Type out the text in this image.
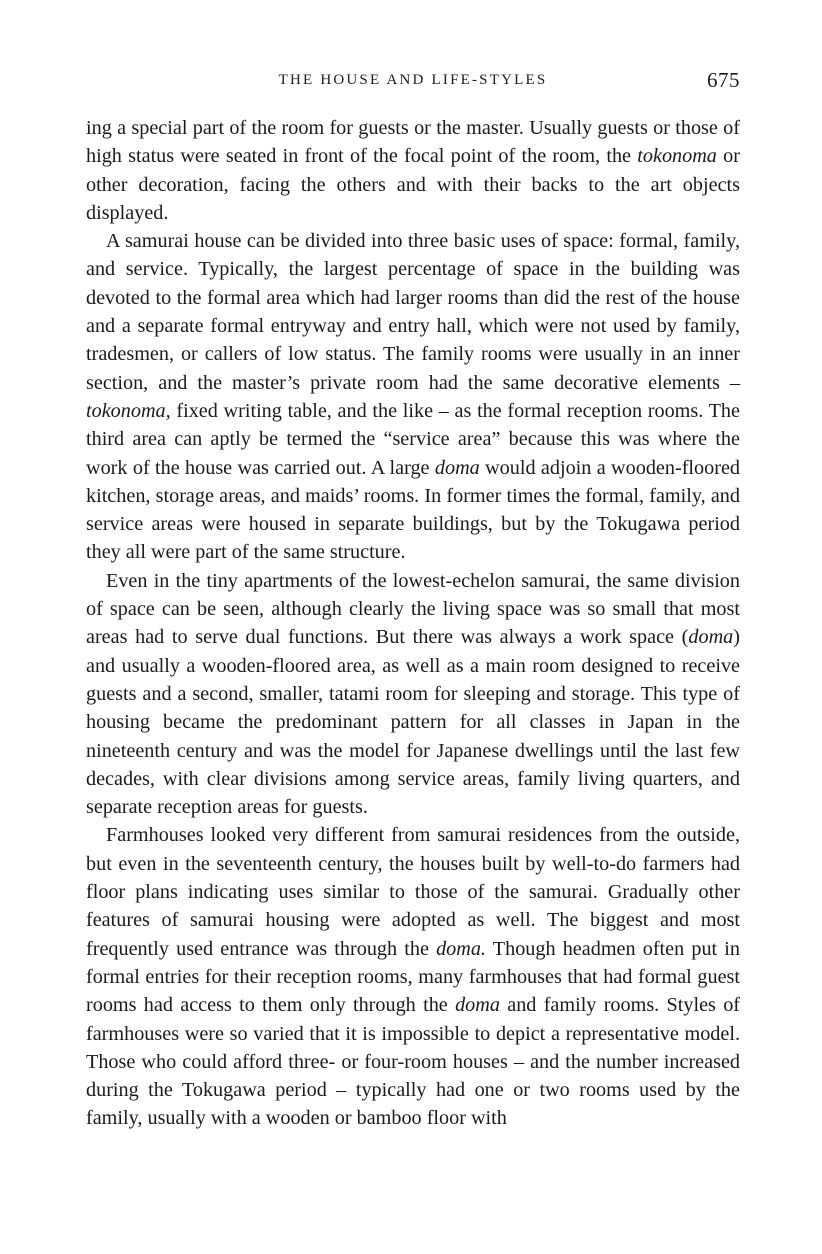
THE HOUSE AND LIFE-STYLES	675

ing a special part of the room for guests or the master. Usually guests or those of high status were seated in front of the focal point of the room, the tokonoma or other decoration, facing the others and with their backs to the art objects displayed.

A samurai house can be divided into three basic uses of space: formal, family, and service. Typically, the largest percentage of space in the building was devoted to the formal area which had larger rooms than did the rest of the house and a separate formal entryway and entry hall, which were not used by family, tradesmen, or callers of low status. The family rooms were usually in an inner section, and the master’s private room had the same decorative elements – tokonoma, fixed writing table, and the like – as the formal reception rooms. The third area can aptly be termed the “service area” because this was where the work of the house was carried out. A large doma would adjoin a wooden-floored kitchen, storage areas, and maids’ rooms. In former times the formal, family, and service areas were housed in separate buildings, but by the Tokugawa period they all were part of the same structure.

Even in the tiny apartments of the lowest-echelon samurai, the same division of space can be seen, although clearly the living space was so small that most areas had to serve dual functions. But there was always a work space (doma) and usually a wooden-floored area, as well as a main room designed to receive guests and a second, smaller, tatami room for sleeping and storage. This type of housing became the predominant pattern for all classes in Japan in the nineteenth century and was the model for Japanese dwellings until the last few decades, with clear divisions among service areas, family living quarters, and separate reception areas for guests.

Farmhouses looked very different from samurai residences from the outside, but even in the seventeenth century, the houses built by well-to-do farmers had floor plans indicating uses similar to those of the samurai. Gradually other features of samurai housing were adopted as well. The biggest and most frequently used entrance was through the doma. Though headmen often put in formal entries for their reception rooms, many farmhouses that had formal guest rooms had access to them only through the doma and family rooms. Styles of farmhouses were so varied that it is impossible to depict a representative model. Those who could afford three- or four-room houses – and the number increased during the Tokugawa period – typically had one or two rooms used by the family, usually with a wooden or bamboo floor with
